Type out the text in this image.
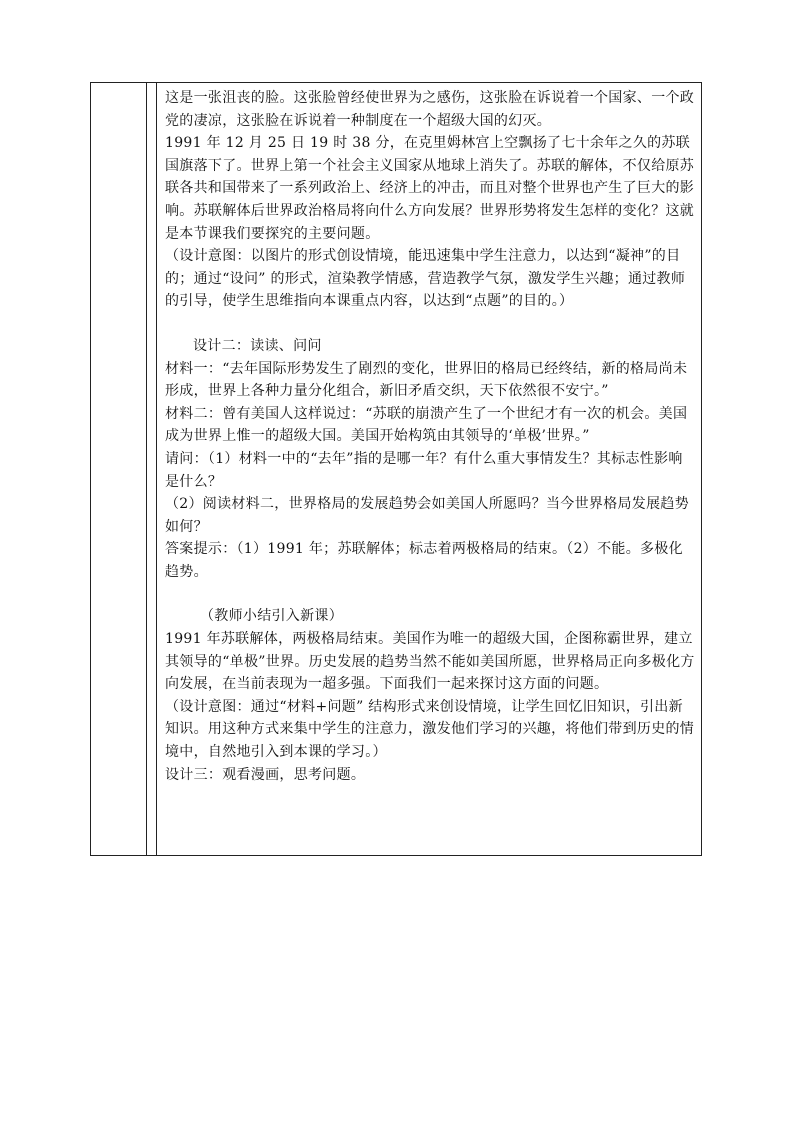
这是一张沮丧的脸。这张脸曾经使世界为之感伤，这张脸在诉说着一个国家、一个政党的凄凉，这张脸在诉说着一种制度在一个超级大国的幻灭。

1991 年 12 月 25 日 19 时 38 分，在克里姆林宫上空飘扬了七十余年之久的苏联国旗落下了。世界上第一个社会主义国家从地球上消失了。苏联的解体，不仅给原苏联各共和国带来了一系列政治上、经济上的冲击，而且对整个世界也产生了巨大的影响。苏联解体后世界政治格局将向什么方向发展？世界形势将发生怎样的变化？这就是本节课我们要探究的主要问题。

（设计意图：以图片的形式创设情境，能迅速集中学生注意力，以达到“凝神”的目的；通过“设问” 的形式，渲染教学情感，营造教学气氛，激发学生兴趣；通过教师的引导，使学生思维指向本课重点内容，以达到“点题”的目的。）

设计二：读读、问问

材料一：“去年国际形势发生了剧烈的变化，世界旧的格局已经终结，新的格局尚未形成，世界上各种力量分化组合，新旧矛盾交织，天下依然很不安宁。”

材料二：曾有美国人这样说过：“苏联的崩溃产生了一个世纪才有一次的机会。美国成为世界上惟一的超级大国。美国开始构筑由其领导的‘单极’世界。”

请问：（1）材料一中的“去年”指的是哪一年？有什么重大事情发生？其标志性影响是什么？

（2）阅读材料二，世界格局的发展趋势会如美国人所愿吗？当今世界格局发展趋势如何？

答案提示：（1）1991 年；苏联解体；标志着两极格局的结束。（2）不能。多极化趋势。

（教师小结引入新课）

1991 年苏联解体，两极格局结束。美国作为唯一的超级大国，企图称霸世界，建立其领导的“单极”世界。历史发展的趋势当然不能如美国所愿，世界格局正向多极化方向发展，在当前表现为一超多强。下面我们一起来探讨这方面的问题。

（设计意图：通过“材料+问题” 结构形式来创设情境，让学生回忆旧知识，引出新知识。用这种方式来集中学生的注意力，激发他们学习的兴趣，将他们带到历史的情境中，自然地引入到本课的学习。）

设计三：观看漫画，思考问题。
